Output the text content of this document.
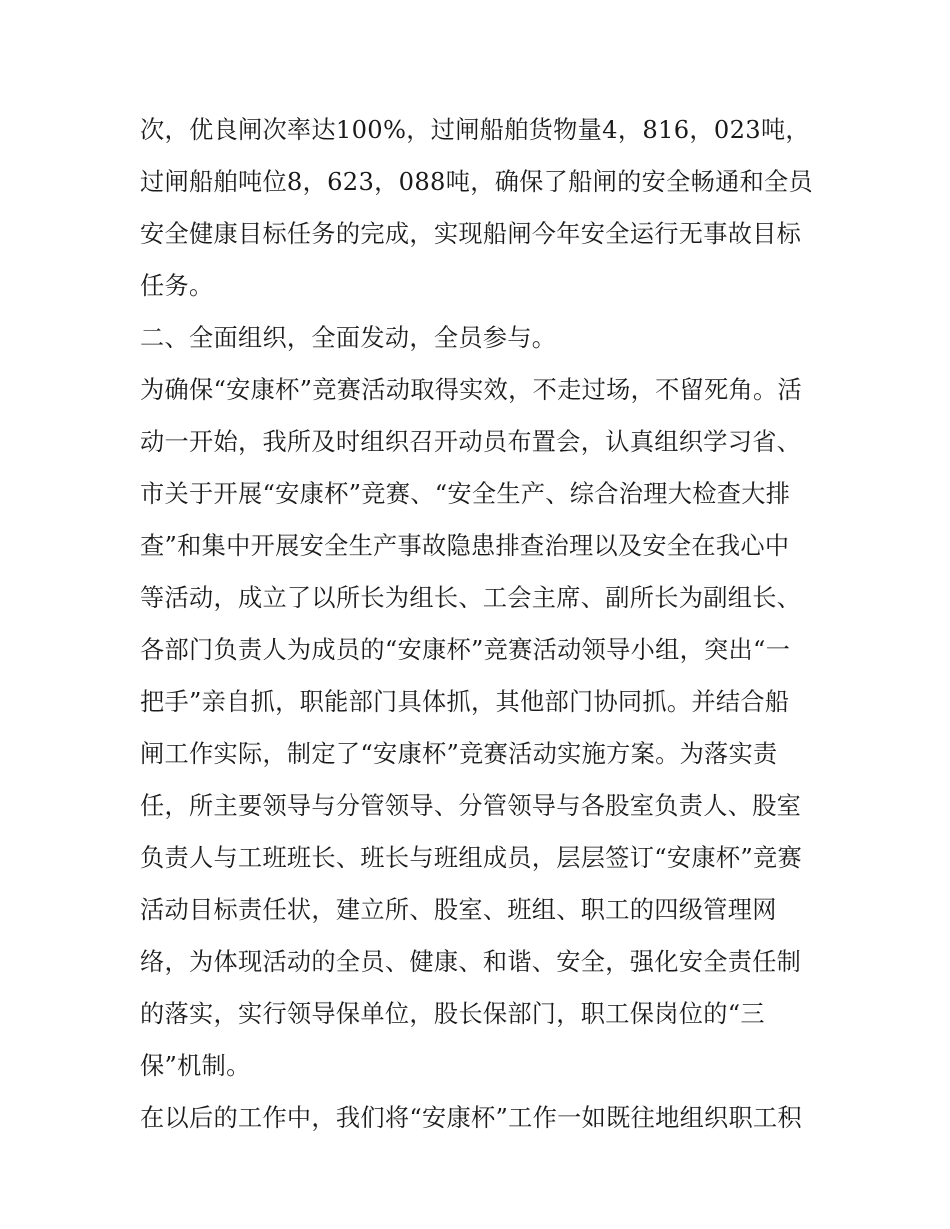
次，优良闸次率达100%，过闸船舶货物量4，816，023吨，
过闸船舶吨位8，623，088吨，确保了船闸的安全畅通和全员
安全健康目标任务的完成，实现船闸今年安全运行无事故目标
任务。
二、全面组织，全面发动，全员参与。
为确保“安康杯”竞赛活动取得实效，不走过场，不留死角。活
动一开始，我所及时组织召开动员布置会，认真组织学习省、
市关于开展“安康杯”竞赛、“安全生产、综合治理大检查大排
查”和集中开展安全生产事故隐患排查治理以及安全在我心中
等活动，成立了以所长为组长、工会主席、副所长为副组长、
各部门负责人为成员的“安康杯”竞赛活动领导小组，突出“一
把手”亲自抓，职能部门具体抓，其他部门协同抓。并结合船
闸工作实际，制定了“安康杯”竞赛活动实施方案。为落实责
任，所主要领导与分管领导、分管领导与各股室负责人、股室
负责人与工班班长、班长与班组成员，层层签订“安康杯”竞赛
活动目标责任状，建立所、股室、班组、职工的四级管理网
络，为体现活动的全员、健康、和谐、安全，强化安全责任制
的落实，实行领导保单位，股长保部门，职工保岗位的“三
保”机制。
在以后的工作中，我们将“安康杯”工作一如既往地组织职工积
